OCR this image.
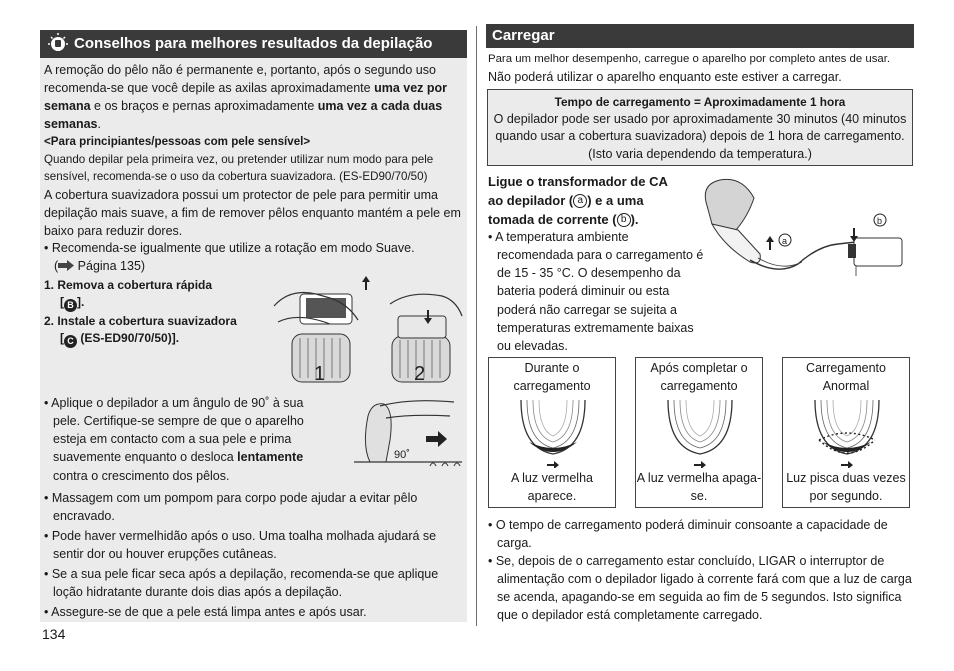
Conselhos para melhores resultados da depilação
A remoção do pêlo não é permanente e, portanto, após o segundo uso recomenda-se que você depile as axilas aproximadamente uma vez por semana e os braços e pernas aproximadamente uma vez a cada duas semanas.
<Para principiantes/pessoas com pele sensível>
Quando depilar pela primeira vez, ou pretender utilizar num modo para pele sensível, recomenda-se o uso da cobertura suavizadora. (ES-ED90/70/50)
A cobertura suavizadora possui um protector de pele para permitir uma depilação mais suave, a fim de remover pêlos enquanto mantém a pele em baixo para reduzir dores.
• Recomenda-se igualmente que utilize a rotação em modo Suave.
( Página 135)
1. Remova a cobertura rápida
[ B ].
2. Instale a cobertura suavizadora
[ C (ES-ED90/70/50)].
1	2
• Aplique o depilador a um ângulo de 90˚ à sua pele. Certifique-se sempre de que o aparelho esteja em contacto com a sua pele e prima suavemente enquanto o desloca lentamente contra o crescimento dos pêlos.
90˚
• Massagem com um pompom para corpo pode ajudar a evitar pêlo encravado.
• Pode haver vermelhidão após o uso. Uma toalha molhada ajudará se sentir dor ou houver erupções cutâneas.
• Se a sua pele ficar seca após a depilação, recomenda-se que aplique loção hidratante durante dois dias após a depilação.
• Assegure-se de que a pele está limpa antes e após usar.
134
Carregar
Para um melhor desempenho, carregue o aparelho por completo antes de usar.
Não poderá utilizar o aparelho enquanto este estiver a carregar.
Tempo de carregamento = Aproximadamente 1 hora
O depilador pode ser usado por aproximadamente 30 minutos (40 minutos quando usar a cobertura suavizadora) depois de 1 hora de carregamento. (Isto varia dependendo da temperatura.)
Ligue o transformador de CA
ao depilador ( a ) e a uma
tomada de corrente ( b ).
• A temperatura ambiente recomendada para o carregamento é de 15 - 35 °C. O desempenho da bateria poderá diminuir ou esta poderá não carregar se sujeita a temperaturas extremamente baixas ou elevadas.
a
b
Durante o carregamento
A luz vermelha aparece.
Após completar o carregamento
A luz vermelha apaga-se.
Carregamento Anormal
Luz pisca duas vezes por segundo.
• O tempo de carregamento poderá diminuir consoante a capacidade de carga.
• Se, depois de o carregamento estar concluído, LIGAR o interruptor de alimentação com o depilador ligado à corrente fará com que a luz de carga se acenda, apagando-se em seguida ao fim de 5 segundos. Isto significa que o depilador está completamente carregado.
